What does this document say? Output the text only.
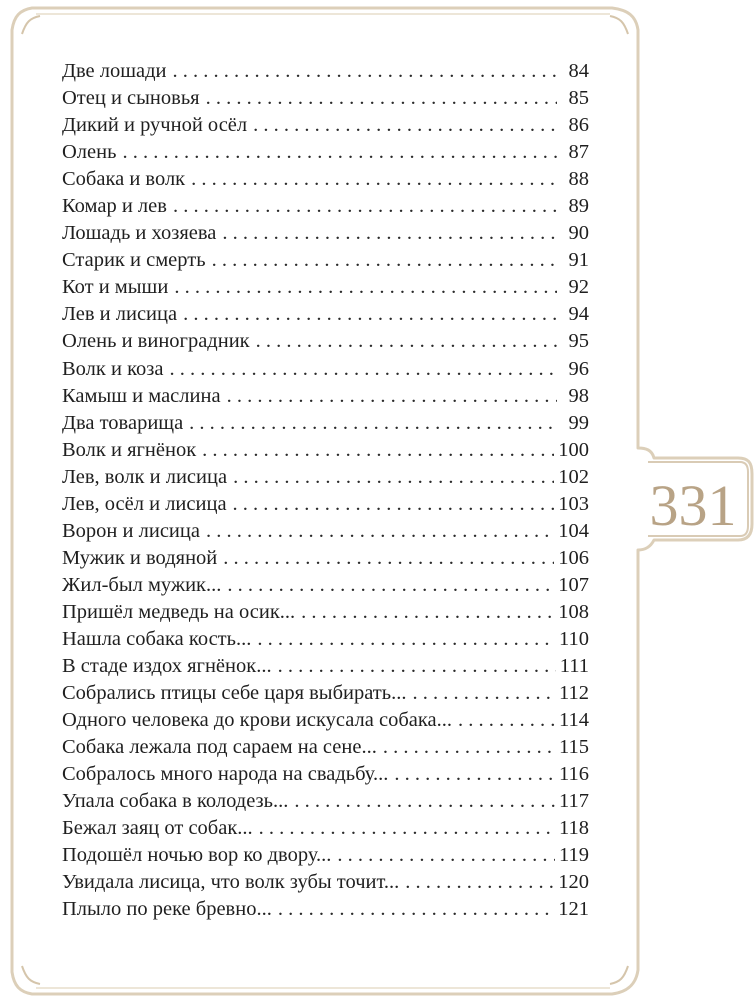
331
Две лошади . . .	84
Отец и сыновья . . .	85
Дикий и ручной осёл . . .	86
Олень . . .	87
Собака и волк . . .	88
Комар и лев . . .	89
Лошадь и хозяева . . .	90
Старик и смерть . . .	91
Кот и мыши . . .	92
Лев и лисица . . .	94
Олень и виноградник . . .	95
Волк и коза . . .	96
Камыш и маслина . . .	98
Два товарища . . .	99
Волк и ягнёнок . . .	100
Лев, волк и лисица . . .	102
Лев, осёл и лисица . . .	103
Ворон и лисица . . .	104
Мужик и водяной . . .	106
Жил-был мужик... . . .	107
Пришёл медведь на осик... . . .	108
Нашла собака кость... . . .	110
В стаде издох ягнёнок... . . .	111
Собрались птицы себе царя выбирать... . . .	112
Одного человека до крови искусала собака... . . .	114
Собака лежала под сараем на сене... . . .	115
Собралось много народа на свадьбу... . . .	116
Упала собака в колодезь... . . .	117
Бежал заяц от собак... . . .	118
Подошёл ночью вор ко двору... . . .	119
Увидала лисица, что волк зубы точит... . . .	120
Плыло по реке бревно... . . .	121
